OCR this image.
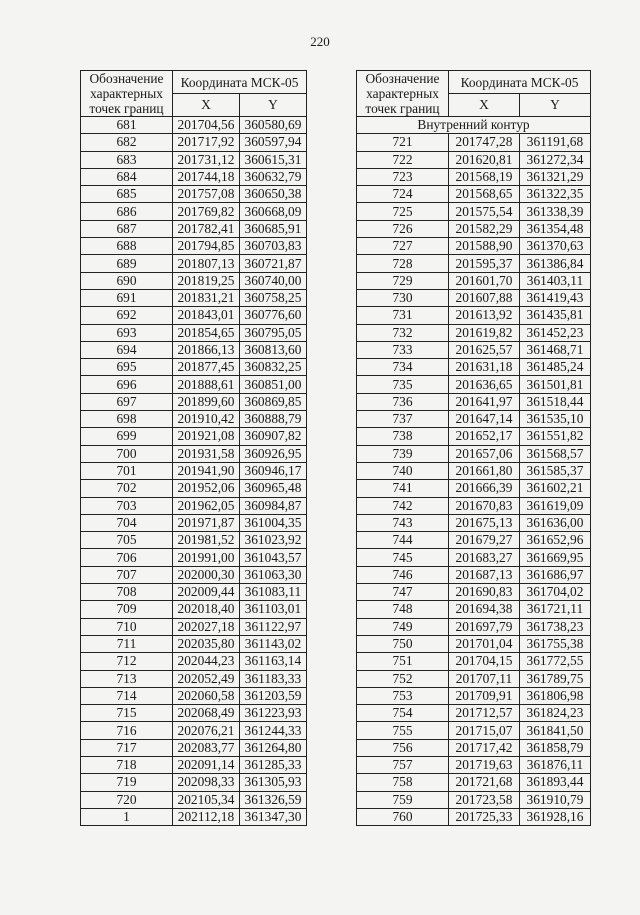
220
Обозначение характерных точек границ	Координата МСК-05	
	X	Y
681	201704,56	360580,69
682	201717,92	360597,94
683	201731,12	360615,31
684	201744,18	360632,79
685	201757,08	360650,38
686	201769,82	360668,09
687	201782,41	360685,91
688	201794,85	360703,83
689	201807,13	360721,87
690	201819,25	360740,00
691	201831,21	360758,25
692	201843,01	360776,60
693	201854,65	360795,05
694	201866,13	360813,60
695	201877,45	360832,25
696	201888,61	360851,00
697	201899,60	360869,85
698	201910,42	360888,79
699	201921,08	360907,82
700	201931,58	360926,95
701	201941,90	360946,17
702	201952,06	360965,48
703	201962,05	360984,87
704	201971,87	361004,35
705	201981,52	361023,92
706	201991,00	361043,57
707	202000,30	361063,30
708	202009,44	361083,11
709	202018,40	361103,01
710	202027,18	361122,97
711	202035,80	361143,02
712	202044,23	361163,14
713	202052,49	361183,33
714	202060,58	361203,59
715	202068,49	361223,93
716	202076,21	361244,33
717	202083,77	361264,80
718	202091,14	361285,33
719	202098,33	361305,93
720	202105,34	361326,59
1	202112,18	361347,30
Обозначение характерных точек границ	Координата МСК-05	
	X	Y
Внутренний контур		
721	201747,28	361191,68
722	201620,81	361272,34
723	201568,19	361321,29
724	201568,65	361322,35
725	201575,54	361338,39
726	201582,29	361354,48
727	201588,90	361370,63
728	201595,37	361386,84
729	201601,70	361403,11
730	201607,88	361419,43
731	201613,92	361435,81
732	201619,82	361452,23
733	201625,57	361468,71
734	201631,18	361485,24
735	201636,65	361501,81
736	201641,97	361518,44
737	201647,14	361535,10
738	201652,17	361551,82
739	201657,06	361568,57
740	201661,80	361585,37
741	201666,39	361602,21
742	201670,83	361619,09
743	201675,13	361636,00
744	201679,27	361652,96
745	201683,27	361669,95
746	201687,13	361686,97
747	201690,83	361704,02
748	201694,38	361721,11
749	201697,79	361738,23
750	201701,04	361755,38
751	201704,15	361772,55
752	201707,11	361789,75
753	201709,91	361806,98
754	201712,57	361824,23
755	201715,07	361841,50
756	201717,42	361858,79
757	201719,63	361876,11
758	201721,68	361893,44
759	201723,58	361910,79
760	201725,33	361928,16
